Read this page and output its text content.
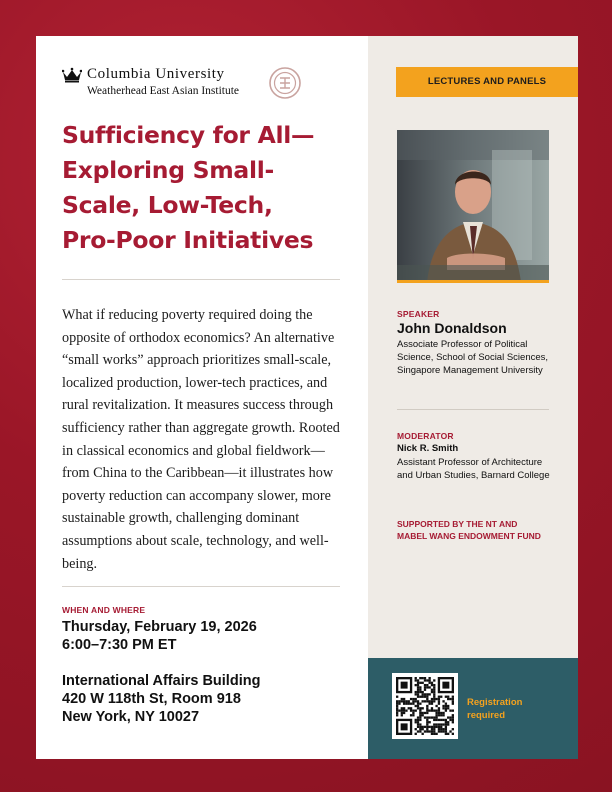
Columbia University
Weatherhead East Asian Institute
Sufficiency for All—
Exploring Small-
Scale, Low-Tech,
Pro-Poor Initiatives
What if reducing poverty required doing the opposite of orthodox economics? An alternative “small works” approach prioritizes small-scale, localized production, lower-tech practices, and rural revitalization. It measures success through sufficiency rather than aggregate growth. Rooted in classical economics and global fieldwork—from China to the Caribbean—it illustrates how poverty reduction can accompany slower, more sustainable growth, challenging dominant assumptions about scale, technology, and well-being.
WHEN AND WHERE
Thursday, February 19, 2026
6:00–7:30 PM ET
International Affairs Building
420 W 118th St, Room 918
New York, NY 10027
LECTURES AND PANELS
SPEAKER
John Donaldson
Associate Professor of Political Science, School of Social Sciences, Singapore Management University
MODERATOR
Nick R. Smith
Assistant Professor of Architecture and Urban Studies, Barnard College
SUPPORTED BY THE NT AND MABEL WANG ENDOWMENT FUND
Registration required
